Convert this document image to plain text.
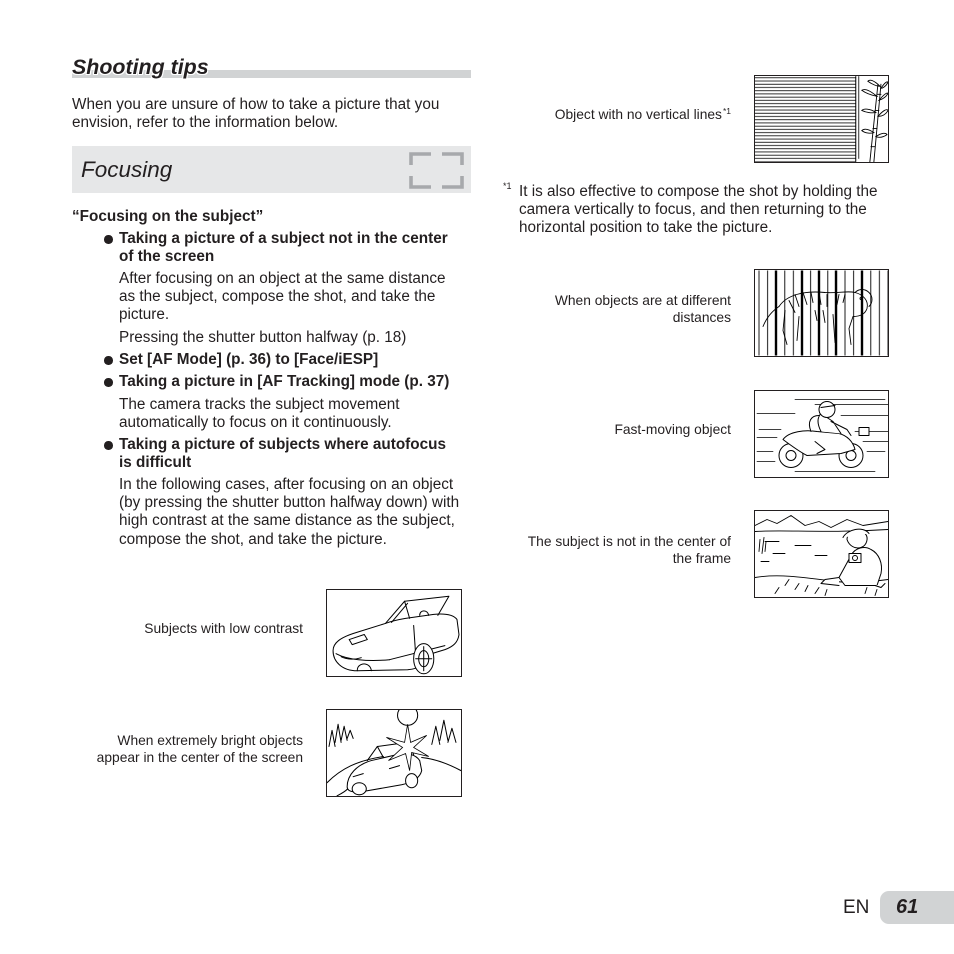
Shooting tips
When you are unsure of how to take a picture that you
envision, refer to the information below.
Focusing
“Focusing on the subject”
Taking a picture of a subject not in the center
of the screen
After focusing on an object at the same distance
as the subject, compose the shot, and take the
picture.
Pressing the shutter button halfway (p. 18)
Set [AF Mode] (p. 36) to [Face/iESP]
Taking a picture in [AF Tracking] mode (p. 37)
The camera tracks the subject movement
automatically to focus on it continuously.
Taking a picture of subjects where autofocus
is difficult
In the following cases, after focusing on an object
(by pressing the shutter button halfway down) with
high contrast at the same distance as the subject,
compose the shot, and take the picture.
Subjects with low contrast
When extremely bright objects
appear in the center of the screen
Object with no vertical lines$^{*1}$
*1 It is also effective to compose the shot by holding the
camera vertically to focus, and then returning to the
horizontal position to take the picture.
When objects are at different
distances
Fast-moving object
The subject is not in the center of
the frame
EN 61
